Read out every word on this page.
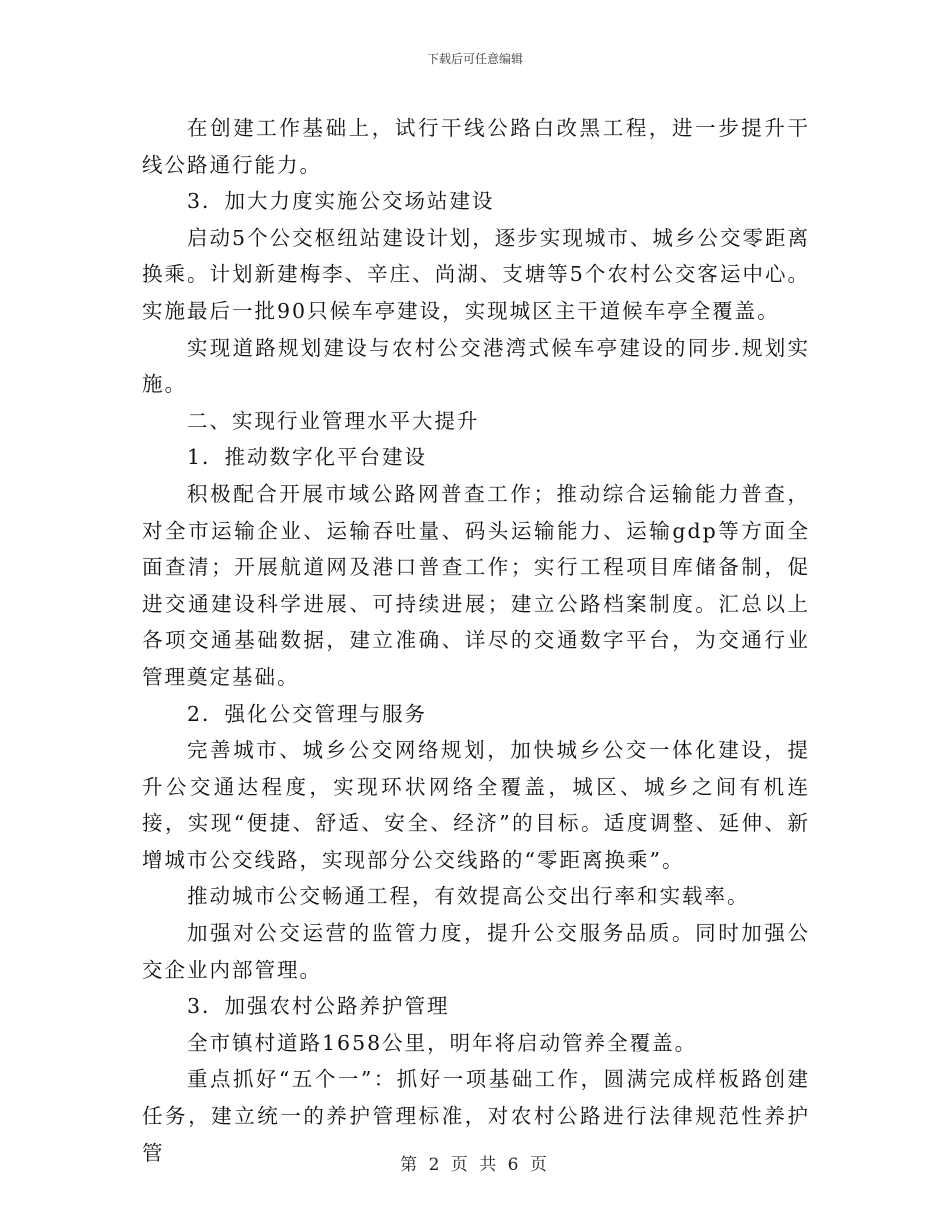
下载后可任意编辑

在创建工作基础上，试行干线公路白改黑工程，进一步提升干线公路通行能力。

3．加大力度实施公交场站建设

启动5个公交枢纽站建设计划，逐步实现城市、城乡公交零距离换乘。计划新建梅李、辛庄、尚湖、支塘等5个农村公交客运中心。实施最后一批90只候车亭建设，实现城区主干道候车亭全覆盖。

实现道路规划建设与农村公交港湾式候车亭建设的同步.规划实施。

二、实现行业管理水平大提升

1．推动数字化平台建设

积极配合开展市域公路网普查工作；推动综合运输能力普查，对全市运输企业、运输吞吐量、码头运输能力、运输gdp等方面全面查清；开展航道网及港口普查工作；实行工程项目库储备制，促进交通建设科学进展、可持续进展；建立公路档案制度。汇总以上各项交通基础数据，建立准确、详尽的交通数字平台，为交通行业管理奠定基础。

2．强化公交管理与服务

完善城市、城乡公交网络规划，加快城乡公交一体化建设，提升公交通达程度，实现环状网络全覆盖，城区、城乡之间有机连接，实现“便捷、舒适、安全、经济”的目标。适度调整、延伸、新增城市公交线路，实现部分公交线路的“零距离换乘”。

推动城市公交畅通工程，有效提高公交出行率和实载率。

加强对公交运营的监管力度，提升公交服务品质。同时加强公交企业内部管理。

3．加强农村公路养护管理

全市镇村道路1658公里，明年将启动管养全覆盖。

重点抓好“五个一”：抓好一项基础工作，圆满完成样板路创建任务，建立统一的养护管理标准，对农村公路进行法律规范性养护管

第 2 页 共 6 页
